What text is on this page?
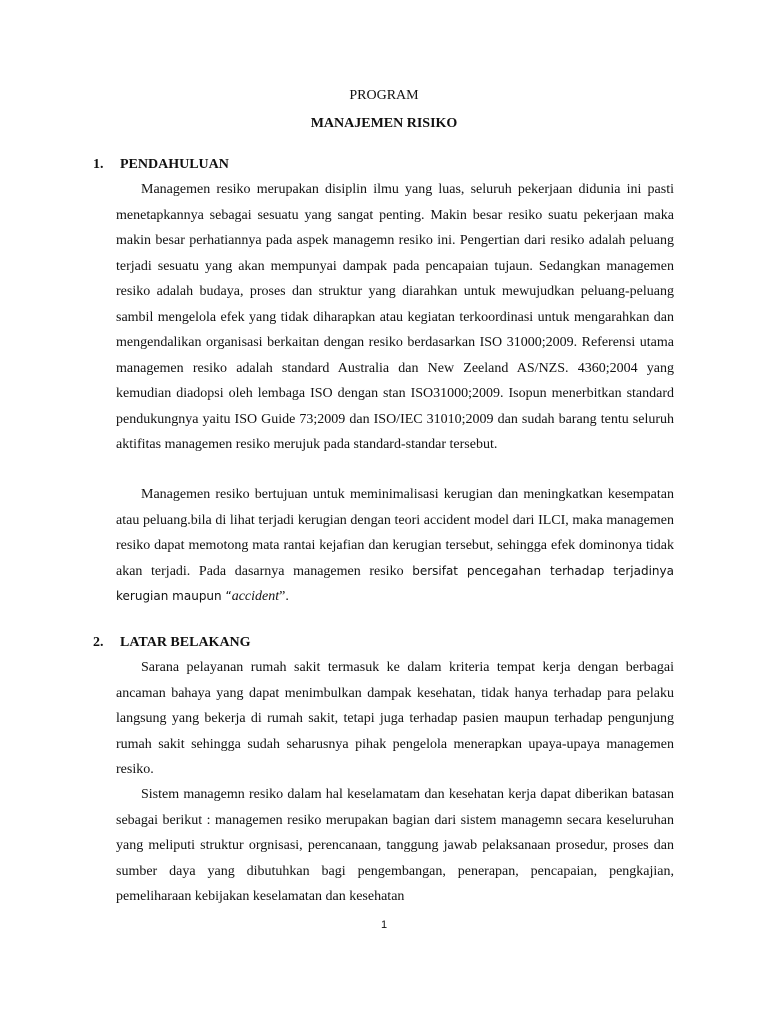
PROGRAM
MANAJEMEN RISIKO
1. PENDAHULUAN

Managemen resiko merupakan disiplin ilmu yang luas, seluruh pekerjaan didunia ini pasti menetapkannya sebagai sesuatu yang sangat penting. Makin besar resiko suatu pekerjaan maka makin besar perhatiannya pada aspek managemn resiko ini. Pengertian dari resiko adalah peluang terjadi sesuatu yang akan mempunyai dampak pada pencapaian tujaun. Sedangkan managemen resiko adalah budaya, proses dan struktur yang diarahkan untuk mewujudkan peluang-peluang sambil mengelola efek yang tidak diharapkan atau kegiatan terkoordinasi untuk mengarahkan dan mengendalikan organisasi berkaitan dengan resiko berdasarkan ISO 31000;2009. Referensi utama managemen resiko adalah standard Australia dan New Zeeland AS/NZS. 4360;2004 yang kemudian diadopsi oleh lembaga ISO dengan stan ISO31000;2009. Isopun menerbitkan standard pendukungnya yaitu ISO Guide 73;2009 dan ISO/IEC 31010;2009 dan sudah barang tentu seluruh aktifitas managemen resiko merujuk pada standard-standar tersebut.

Managemen resiko bertujuan untuk meminimalisasi kerugian dan meningkatkan kesempatan atau peluang.bila di lihat terjadi kerugian dengan teori accident model dari ILCI, maka managemen resiko dapat memotong mata rantai kejafian dan kerugian tersebut, sehingga efek dominonya tidak akan terjadi. Pada dasarnya managemen resiko bersifat pencegahan terhadap terjadinya kerugian maupun “accident”.

2. LATAR BELAKANG

Sarana pelayanan rumah sakit termasuk ke dalam kriteria tempat kerja dengan berbagai ancaman bahaya yang dapat menimbulkan dampak kesehatan, tidak hanya terhadap para pelaku langsung yang bekerja di rumah sakit, tetapi juga terhadap pasien maupun terhadap pengunjung rumah sakit sehingga sudah seharusnya pihak pengelola menerapkan upaya-upaya managemen resiko.

Sistem managemn resiko dalam hal keselamatam dan kesehatan kerja dapat diberikan batasan sebagai berikut : managemen resiko merupakan bagian dari sistem managemn secara keseluruhan yang meliputi struktur orgnisasi, perencanaan, tanggung jawab pelaksanaan prosedur, proses dan sumber daya yang dibutuhkan bagi pengembangan, penerapan, pencapaian, pengkajian, pemeliharaan kebijakan keselamatan dan kesehatan

1
